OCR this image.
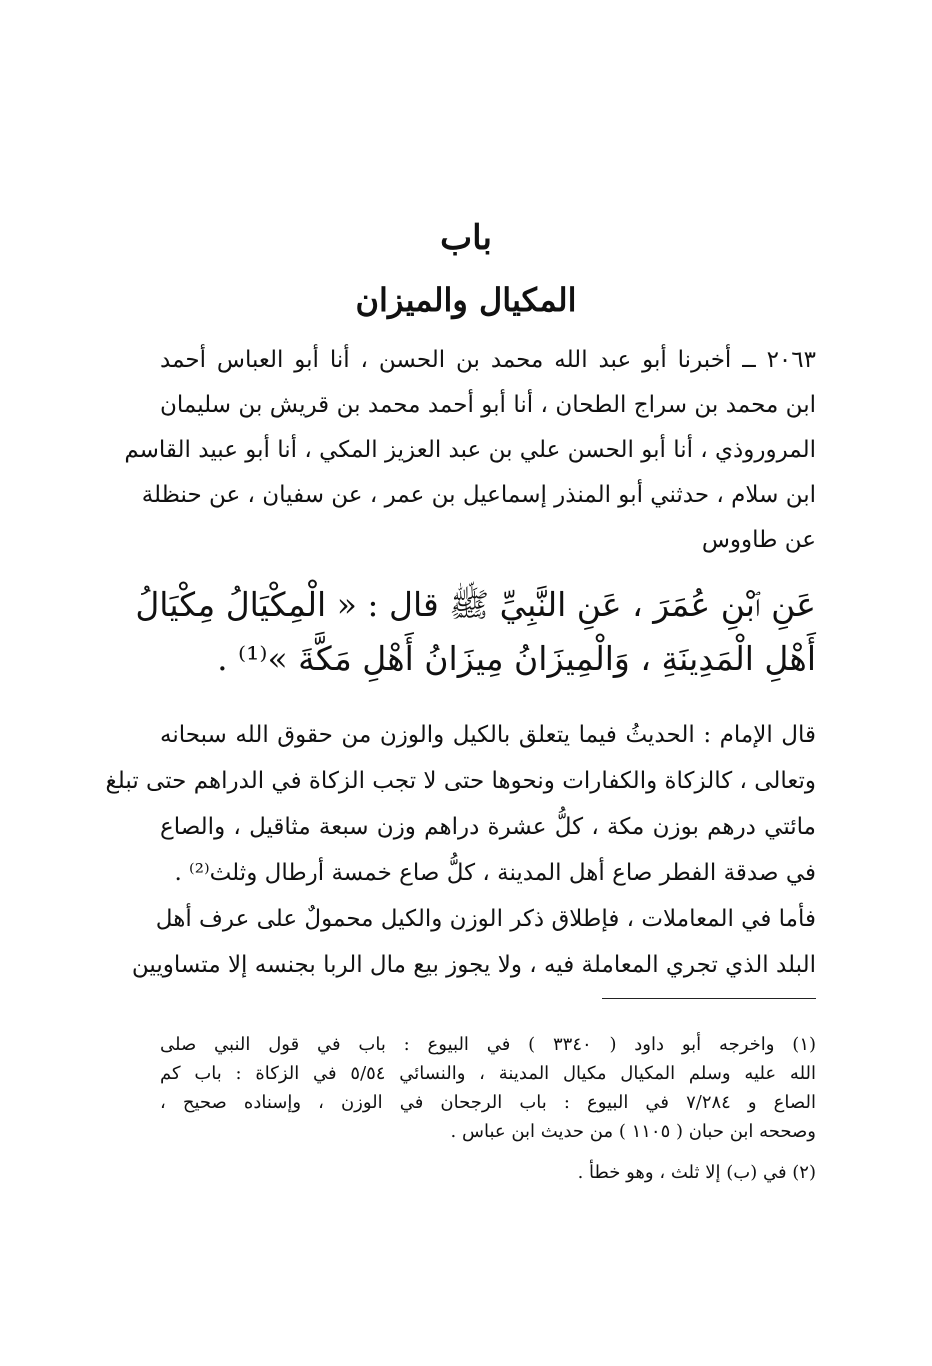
باب
المكيال والميزان
٢٠٦٣ ــ أخبرنا أبو عبد الله محمد بن الحسن ، أنا أبو العباس أحمد
ابن محمد بن سراج الطحان ، أنا أبو أحمد محمد بن قريش بن سليمان
المروروذي ، أنا أبو الحسن علي بن عبد العزيز المكي ، أنا أبو عبيد القاسم
ابن سلام ، حدثني أبو المنذر إسماعيل بن عمر ، عن سفيان ، عن حنظلة
عن طاووس
عَنِ ٱبْنِ عُمَرَ ، عَنِ النَّبِيِّ ﷺ قال : « الْمِكْيَالُ مِكْيَالُ
أَهْلِ الْمَدِينَةِ ، وَالْمِيزَانُ مِيزَانُ أَهْلِ مَكَّةَ »⁽¹⁾ .
قال الإمام : الحديثُ فيما يتعلق بالكيل والوزن من حقوق الله سبحانه
وتعالى ، كالزكاة والكفارات ونحوها حتى لا تجب الزكاة في الدراهم حتى تبلغ
مائتي درهم بوزن مكة ، كلُّ عشرة دراهم وزن سبعة مثاقيل ، والصاع
في صدقة الفطر صاع أهل المدينة ، كلُّ صاع خمسة أرطال وثلث⁽²⁾ .
فأما في المعاملات ، فإطلاق ذكر الوزن والكيل محمولٌ على عرف أهل
البلد الذي تجري المعاملة فيه ، ولا يجوز بيع مال الربا بجنسه إلا متساويين
(١) واخرجه أبو داود ( ٣٣٤٠ ) في البيوع : باب في قول النبي صلى
الله عليه وسلم المكيال مكيال المدينة ، والنسائي ٥/٥٤ في الزكاة : باب كم
الصاع و ٧/٢٨٤ في البيوع : باب الرجحان في الوزن ، وإسناده صحيح ،
وصححه ابن حبان ( ١١٠٥ ) من حديث ابن عباس .
(٢) في (ب) إلا ثلث ، وهو خطأ .
